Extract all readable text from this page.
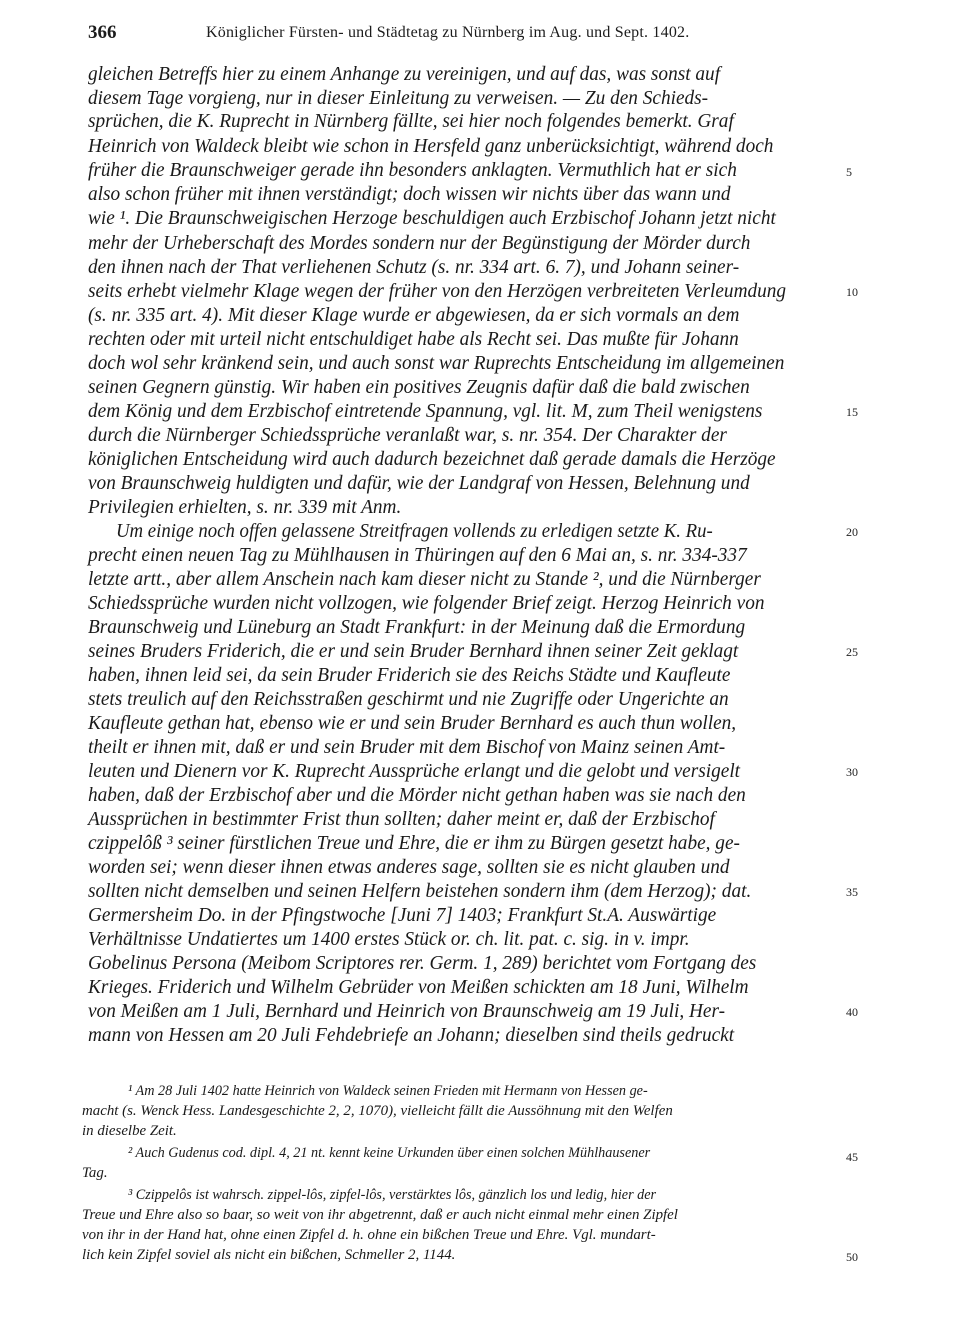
366	Königlicher Fürsten- und Städtetag zu Nürnberg im Aug. und Sept. 1402.
gleichen Betreffs hier zu einem Anhange zu vereinigen, und auf das, was sonst auf
diesem Tage vorgieng, nur in dieser Einleitung zu verweisen. — Zu den Schieds-
sprüchen, die K. Ruprecht in Nürnberg fällte, sei hier noch folgendes bemerkt. Graf
Heinrich von Waldeck bleibt wie schon in Hersfeld ganz unberücksichtigt, während doch
früher die Braunschweiger gerade ihn besonders anklagten. Vermuthlich hat er sich
also schon früher mit ihnen verständigt; doch wissen wir nichts über das wann und
wie ¹. Die Braunschweigischen Herzoge beschuldigen auch Erzbischof Johann jetzt nicht
mehr der Urheberschaft des Mordes sondern nur der Begünstigung der Mörder durch
den ihnen nach der That verliehenen Schutz (s. nr. 334 art. 6. 7), und Johann seiner-
seits erhebt vielmehr Klage wegen der früher von den Herzögen verbreiteten Verleumdung
(s. nr. 335 art. 4). Mit dieser Klage wurde er abgewiesen, da er sich vormals an dem
rechten oder mit urteil nicht entschuldiget habe als Recht sei. Das mußte für Johann
doch wol sehr kränkend sein, und auch sonst war Ruprechts Entscheidung im allgemeinen
seinen Gegnern günstig. Wir haben ein positives Zeugnis dafür daß die bald zwischen
dem König und dem Erzbischof eintretende Spannung, vgl. lit. M, zum Theil wenigstens
durch die Nürnberger Schiedssprüche veranlaßt war, s. nr. 354. Der Charakter der
königlichen Entscheidung wird auch dadurch bezeichnet daß gerade damals die Herzöge
von Braunschweig huldigten und dafür, wie der Landgraf von Hessen, Belehnung und
Privilegien erhielten, s. nr. 339 mit Anm.
Um einige noch offen gelassene Streitfragen vollends zu erledigen setzte K. Ru-
precht einen neuen Tag zu Mühlhausen in Thüringen auf den 6 Mai an, s. nr. 334-337
letzte artt., aber allem Anschein nach kam dieser nicht zu Stande ², und die Nürnberger
Schiedssprüche wurden nicht vollzogen, wie folgender Brief zeigt. Herzog Heinrich von
Braunschweig und Lüneburg an Stadt Frankfurt: in der Meinung daß die Ermordung
seines Bruders Friderich, die er und sein Bruder Bernhard ihnen seiner Zeit geklagt
haben, ihnen leid sei, da sein Bruder Friderich sie des Reichs Städte und Kaufleute
stets treulich auf den Reichsstraßen geschirmt und nie Zugriffe oder Ungerichte an
Kaufleute gethan hat, ebenso wie er und sein Bruder Bernhard es auch thun wollen,
theilt er ihnen mit, daß er und sein Bruder mit dem Bischof von Mainz seinen Amt-
leuten und Dienern vor K. Ruprecht Aussprüche erlangt und die gelobt und versigelt
haben, daß der Erzbischof aber und die Mörder nicht gethan haben was sie nach den
Aussprüchen in bestimmter Frist thun sollten; daher meint er, daß der Erzbischof
czippelôß ³ seiner fürstlichen Treue und Ehre, die er ihm zu Bürgen gesetzt habe, ge-
worden sei; wenn dieser ihnen etwas anderes sage, sollten sie es nicht glauben und
sollten nicht demselben und seinen Helfern beistehen sondern ihm (dem Herzog); dat.
Germersheim Do. in der Pfingstwoche [Juni 7] 1403; Frankfurt St.A. Auswärtige
Verhältnisse Undatiertes um 1400 erstes Stück or. ch. lit. pat. c. sig. in v. impr.
Gobelinus Persona (Meibom Scriptores rer. Germ. 1, 289) berichtet vom Fortgang des
Krieges. Friderich und Wilhelm Gebrüder von Meißen schickten am 18 Juni, Wilhelm
von Meißen am 1 Juli, Bernhard und Heinrich von Braunschweig am 19 Juli, Her-
mann von Hessen am 20 Juli Fehdebriefe an Johann; dieselben sind theils gedruckt
¹ Am 28 Juli 1402 hatte Heinrich von Waldeck seinen Frieden mit Hermann von Hessen ge-
macht (s. Wenck Hess. Landesgeschichte 2, 2, 1070), vielleicht fällt die Aussöhnung mit den Welfen
in dieselbe Zeit.
² Auch Gudenus cod. dipl. 4, 21 nt. kennt keine Urkunden über einen solchen Mühlhausener
Tag.
³ Czippelôs ist wahrsch. zippel-lôs, zipfel-lôs, verstärktes lôs, gänzlich los und ledig, hier der
Treue und Ehre also so baar, so weit von ihr abgetrennt, daß er auch nicht einmal mehr einen Zipfel
von ihr in der Hand hat, ohne einen Zipfel d. h. ohne ein bißchen Treue und Ehre. Vgl. mundart-
lich kein Zipfel soviel als nicht ein bißchen, Schmeller 2, 1144.
5
10
15
20
25
30
35
40
45
50
